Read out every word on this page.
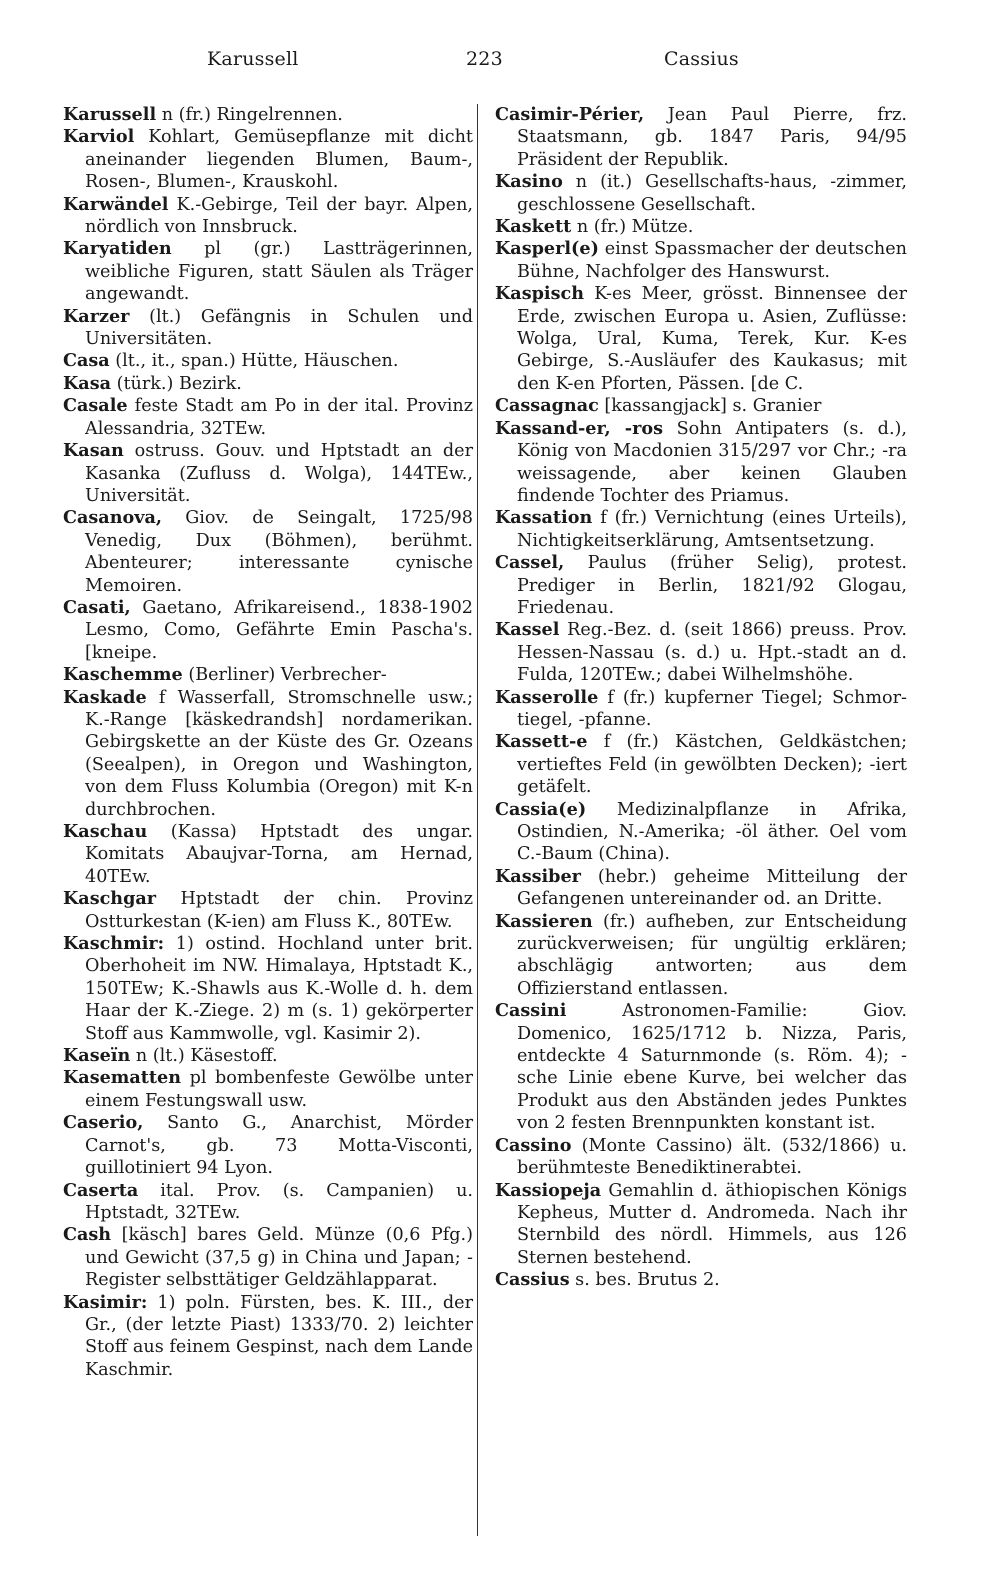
Karussell	223	Cassius

Karussell n (fr.) Ringelrennen.

Karviol Kohlart, Gemüsepflanze mit dicht aneinander liegenden Blumen, Baum-, Rosen-, Blumen-, Krauskohl.

Karwändel K.-Gebirge, Teil der bayr. Alpen, nördlich von Innsbruck.

Karyatiden pl (gr.) Lastträgerinnen, weibliche Figuren, statt Säulen als Träger angewandt.

Karzer (lt.) Gefängnis in Schulen und Universitäten.

Casa (lt., it., span.) Hütte, Häuschen.

Kasa (türk.) Bezirk.

Casale feste Stadt am Po in der ital. Provinz Alessandria, 32TEw.

Kasan ostruss. Gouv. und Hptstadt an der Kasanka (Zufluss d. Wolga), 144TEw., Universität.

Casanova, Giov. de Seingalt, 1725/98 Venedig, Dux (Böhmen), berühmt. Abenteurer; interessante cynische Memoiren.

Casati, Gaetano, Afrikareisend., 1838-1902 Lesmo, Como, Gefährte Emin Pascha's. [kneipe.

Kaschemme (Berliner) Verbrecher-

Kaskade f Wasserfall, Stromschnelle usw.; K.-Range [käskedrandsh] nordamerikan. Gebirgskette an der Küste des Gr. Ozeans (Seealpen), in Oregon und Washington, von dem Fluss Kolumbia (Oregon) mit K-n durchbrochen.

Kaschau (Kassa) Hptstadt des ungar. Komitats Abaujvar-Torna, am Hernad, 40TEw.

Kaschgar Hptstadt der chin. Provinz Ostturkestan (K-ien) am Fluss K., 80TEw.

Kaschmir: 1) ostind. Hochland unter brit. Oberhoheit im NW. Himalaya, Hptstadt K., 150TEw; K.-Shawls aus K.-Wolle d. h. dem Haar der K.-Ziege. 2) m (s. 1) gekörperter Stoff aus Kammwolle, vgl. Kasimir 2).

Kaseïn n (lt.) Käsestoff.

Kasematten pl bombenfeste Gewölbe unter einem Festungswall usw.

Caserio, Santo G., Anarchist, Mörder Carnot's, gb. 73 Motta-Visconti, guillotiniert 94 Lyon.

Caserta ital. Prov. (s. Campanien) u. Hptstadt, 32TEw.

Cash [käsch] bares Geld. Münze (0,6 Pfg.) und Gewicht (37,5 g) in China und Japan; -Register selbsttätiger Geldzählapparat.

Kasimir: 1) poln. Fürsten, bes. K. III., der Gr., (der letzte Piast) 1333/70. 2) leichter Stoff aus feinem Gespinst, nach dem Lande Kaschmir.

Casimir-Périer, Jean Paul Pierre, frz. Staatsmann, gb. 1847 Paris, 94/95 Präsident der Republik.

Kasino n (it.) Gesellschafts-haus, -zimmer, geschlossene Gesellschaft.

Kaskett n (fr.) Mütze.

Kasperl(e) einst Spassmacher der deutschen Bühne, Nachfolger des Hanswurst.

Kaspisch K-es Meer, grösst. Binnensee der Erde, zwischen Europa u. Asien, Zuflüsse: Wolga, Ural, Kuma, Terek, Kur. K-es Gebirge, S.-Ausläufer des Kaukasus; mit den K-en Pforten, Pässen. [de C.

Cassagnac [kassangjack] s. Granier

Kassand-er, -ros Sohn Antipaters (s. d.), König von Macdonien 315/297 vor Chr.; -ra weissagende, aber keinen Glauben findende Tochter des Priamus.

Kassation f (fr.) Vernichtung (eines Urteils), Nichtigkeitserklärung, Amtsentsetzung.

Cassel, Paulus (früher Selig), protest. Prediger in Berlin, 1821/92 Glogau, Friedenau.

Kassel Reg.-Bez. d. (seit 1866) preuss. Prov. Hessen-Nassau (s. d.) u. Hpt.-stadt an d. Fulda, 120TEw.; dabei Wilhelmshöhe.

Kasserolle f (fr.) kupferner Tiegel; Schmor-tiegel, -pfanne.

Kassett-e f (fr.) Kästchen, Geldkästchen; vertieftes Feld (in gewölbten Decken); -iert getäfelt.

Cassia(e) Medizinalpflanze in Afrika, Ostindien, N.-Amerika; -öl äther. Oel vom C.-Baum (China).

Kassiber (hebr.) geheime Mitteilung der Gefangenen untereinander od. an Dritte.

Kassieren (fr.) aufheben, zur Entscheidung zurückverweisen; für ungültig erklären; abschlägig antworten; aus dem Offizierstand entlassen.

Cassini Astronomen-Familie: Giov. Domenico, 1625/1712 b. Nizza, Paris, entdeckte 4 Saturnmonde (s. Röm. 4); -sche Linie ebene Kurve, bei welcher das Produkt aus den Abständen jedes Punktes von 2 festen Brennpunkten konstant ist.

Cassino (Monte Cassino) ält. (532/1866) u. berühmteste Benediktinerabtei.

Kassiopeja Gemahlin d. äthiopischen Königs Kepheus, Mutter d. Andromeda. Nach ihr Sternbild des nördl. Himmels, aus 126 Sternen bestehend.

Cassius s. bes. Brutus 2.
